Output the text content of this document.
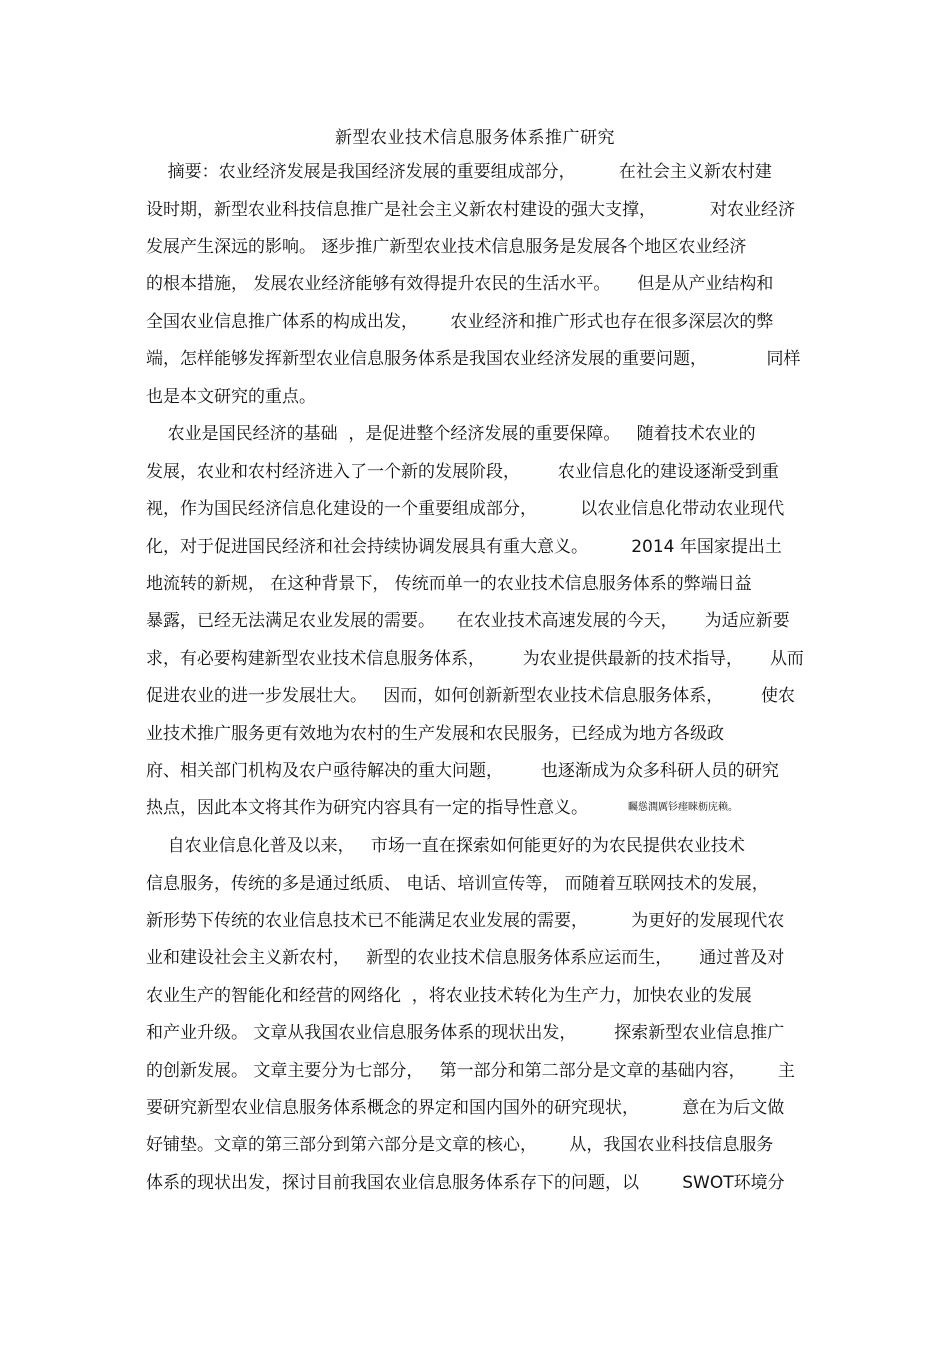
新型农业技术信息服务体系推广研究
摘要：农业经济发展是我国经济发展的重要组成部分，        在社会主义新农村建
设时期，新型农业科技信息推广是社会主义新农村建设的强大支撑，          对农业经济
发展产生深远的影响。 逐步推广新型农业技术信息服务是发展各个地区农业经济
的根本措施， 发展农业经济能够有效得提升农民的生活水平。     但是从产业结构和
全国农业信息推广体系的构成出发，      农业经济和推广形式也存在很多深层次的弊
端，怎样能够发挥新型农业信息服务体系是我国农业经济发展的重要问题，           同样
也是本文研究的重点。
农业是国民经济的基础  ，是促进整个经济发展的重要保障。   随着技术农业的
发展，农业和农村经济进入了一个新的发展阶段，       农业信息化的建设逐渐受到重
视，作为国民经济信息化建设的一个重要组成部分，        以农业信息化带动农业现代
化，对于促进国民经济和社会持续协调发展具有重大意义。        2014 年国家提出土
地流转的新规， 在这种背景下， 传统而单一的农业技术信息服务体系的弊端日益
暴露，已经无法满足农业发展的需要。    在农业技术高速发展的今天，     为适应新要
求，有必要构建新型农业技术信息服务体系，       为农业提供最新的技术指导，     从而
促进农业的进一步发展壮大。   因而，如何创新新型农业技术信息服务体系，       使农
业技术推广服务更有效地为农村的生产发展和农民服务，已经成为地方各级政
府、相关部门机构及农户亟待解决的重大问题，       也逐渐成为众多科研人员的研究
热点，因此本文将其作为研究内容具有一定的指导性意义。	矚慫潤厲钐瘗睞枥庑赖。
自农业信息化普及以来，   市场一直在探索如何能更好的为农民提供农业技术
信息服务，传统的多是通过纸质、 电话、培训宣传等， 而随着互联网技术的发展，
新形势下传统的农业信息技术已不能满足农业发展的需要，        为更好的发展现代农
业和建设社会主义新农村，   新型的农业技术信息服务体系应运而生，     通过普及对
农业生产的智能化和经营的网络化  ，将农业技术转化为生产力，加快农业的发展
和产业升级。 文章从我国农业信息服务体系的现状出发，       探索新型农业信息推广
的创新发展。 文章主要分为七部分，   第一部分和第二部分是文章的基础内容，      主
要研究新型农业信息服务体系概念的界定和国内国外的研究现状，        意在为后文做
好铺垫。文章的第三部分到第六部分是文章的核心，      从，我国农业科技信息服务
体系的现状出发，探讨目前我国农业信息服务体系存下的问题，以        SWOT环境分
